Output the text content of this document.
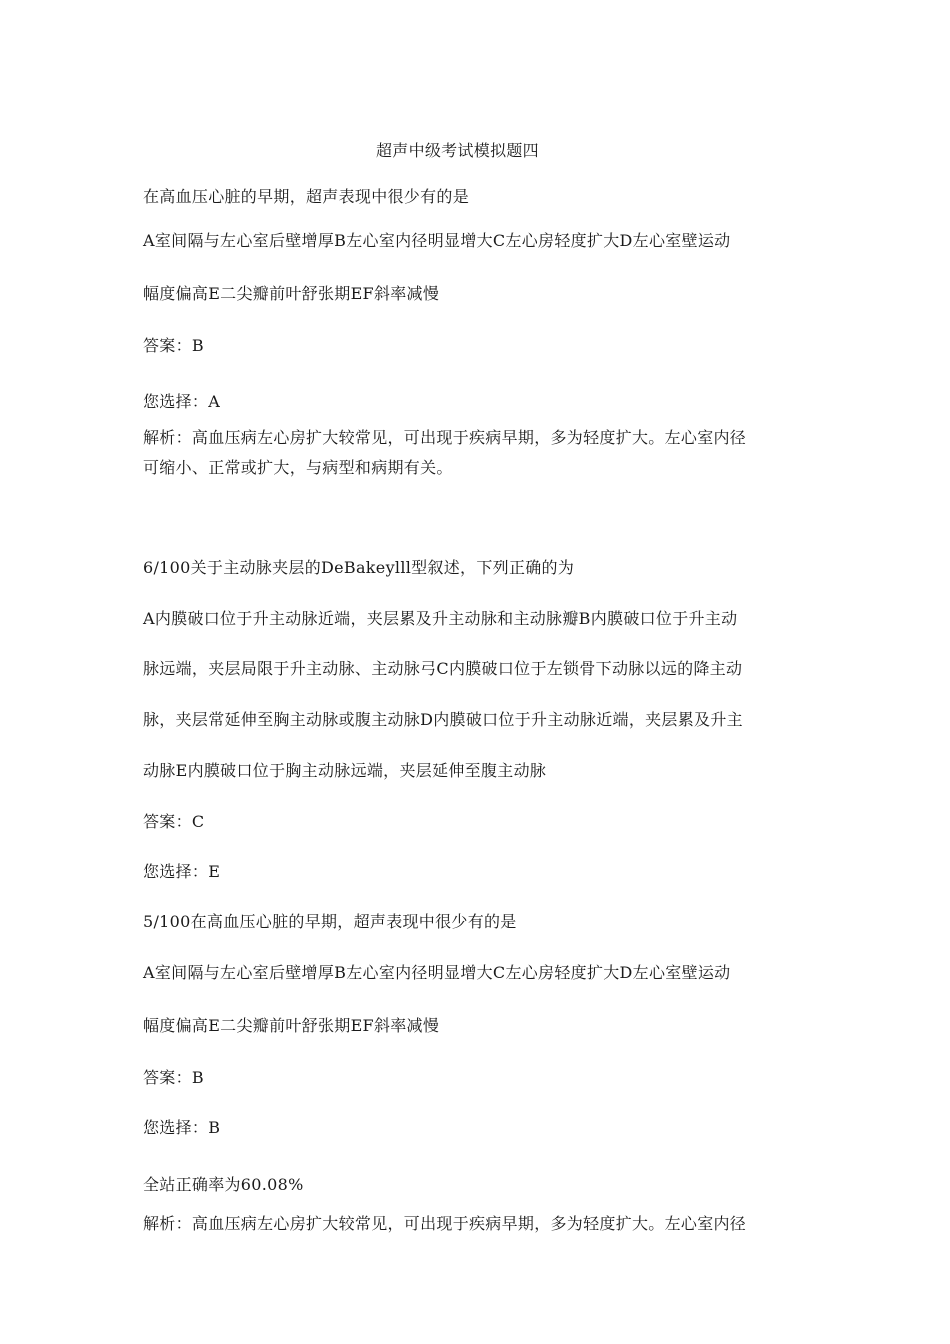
超声中级考试模拟题四
在高血压心脏的早期，超声表现中很少有的是
A室间隔与左心室后壁增厚B左心室内径明显增大C左心房轻度扩大D左心室壁运动
幅度偏高E二尖瓣前叶舒张期EF斜率减慢
答案：B
您选择：A
解析：高血压病左心房扩大较常见，可出现于疾病早期，多为轻度扩大。左心室内径
可缩小、正常或扩大，与病型和病期有关。
6/100关于主动脉夹层的DeBakeylll型叙述，下列正确的为
A内膜破口位于升主动脉近端，夹层累及升主动脉和主动脉瓣B内膜破口位于升主动
脉远端，夹层局限于升主动脉、主动脉弓C内膜破口位于左锁骨下动脉以远的降主动
脉，夹层常延伸至胸主动脉或腹主动脉D内膜破口位于升主动脉近端，夹层累及升主
动脉E内膜破口位于胸主动脉远端，夹层延伸至腹主动脉
答案：C
您选择：E
5/100在高血压心脏的早期，超声表现中很少有的是
A室间隔与左心室后壁增厚B左心室内径明显增大C左心房轻度扩大D左心室壁运动
幅度偏高E二尖瓣前叶舒张期EF斜率减慢
答案：B
您选择：B
全站正确率为60.08%
解析：高血压病左心房扩大较常见，可出现于疾病早期，多为轻度扩大。左心室内径
